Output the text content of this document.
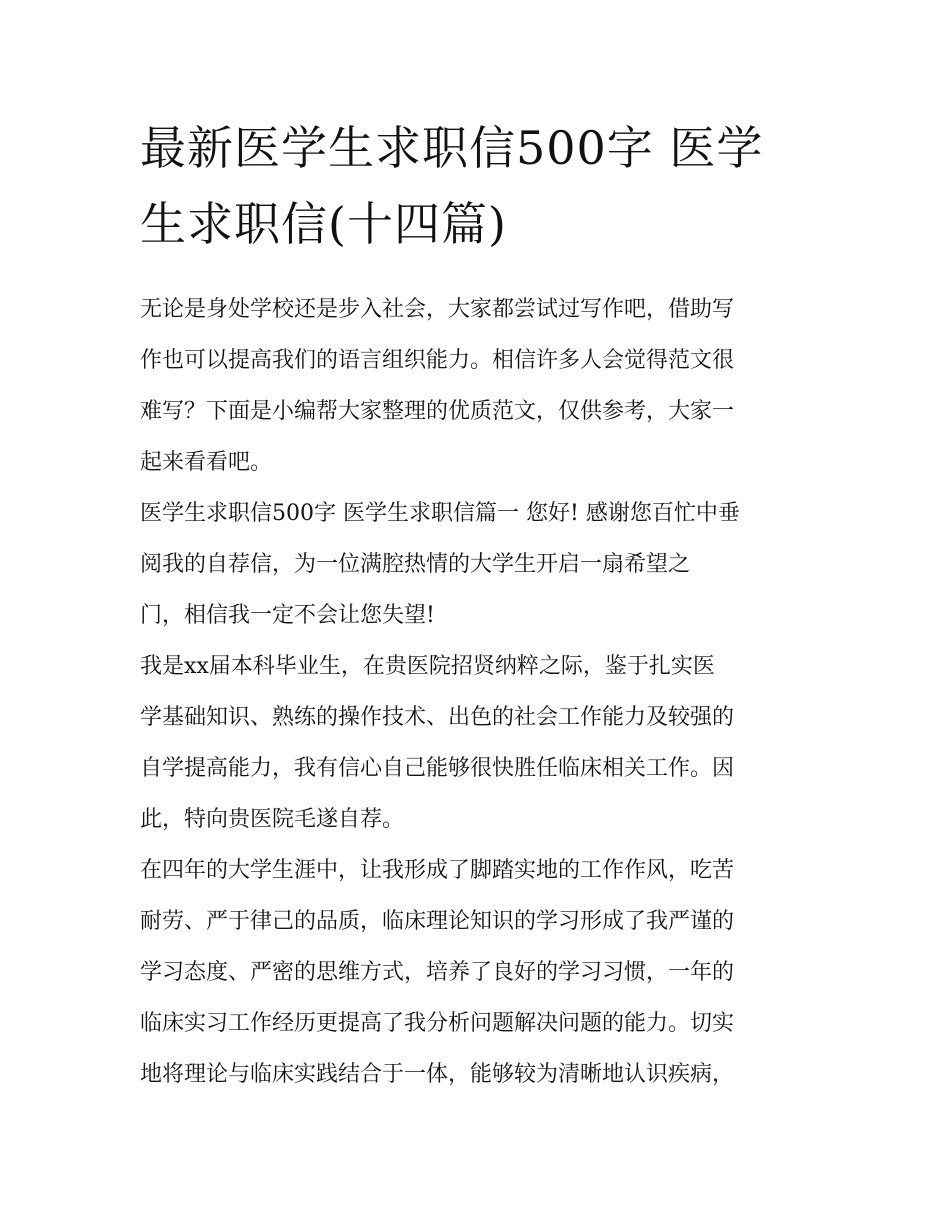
最新医学生求职信500字 医学
生求职信(十四篇)

无论是身处学校还是步入社会，大家都尝试过写作吧，借助写
作也可以提高我们的语言组织能力。相信许多人会觉得范文很
难写？下面是小编帮大家整理的优质范文，仅供参考，大家一
起来看看吧。

医学生求职信500字 医学生求职信篇一 您好! 感谢您百忙中垂
阅我的自荐信，为一位满腔热情的大学生开启一扇希望之
门，相信我一定不会让您失望!

我是xx届本科毕业生，在贵医院招贤纳粹之际，鉴于扎实医
学基础知识、熟练的操作技术、出色的社会工作能力及较强的
自学提高能力，我有信心自己能够很快胜任临床相关工作。因
此，特向贵医院毛遂自荐。

在四年的大学生涯中，让我形成了脚踏实地的工作作风，吃苦
耐劳、严于律己的品质，临床理论知识的学习形成了我严谨的
学习态度、严密的思维方式，培养了良好的学习习惯，一年的
临床实习工作经历更提高了我分析问题解决问题的能力。切实
地将理论与临床实践结合于一体，能够较为清晰地认识疾病，
